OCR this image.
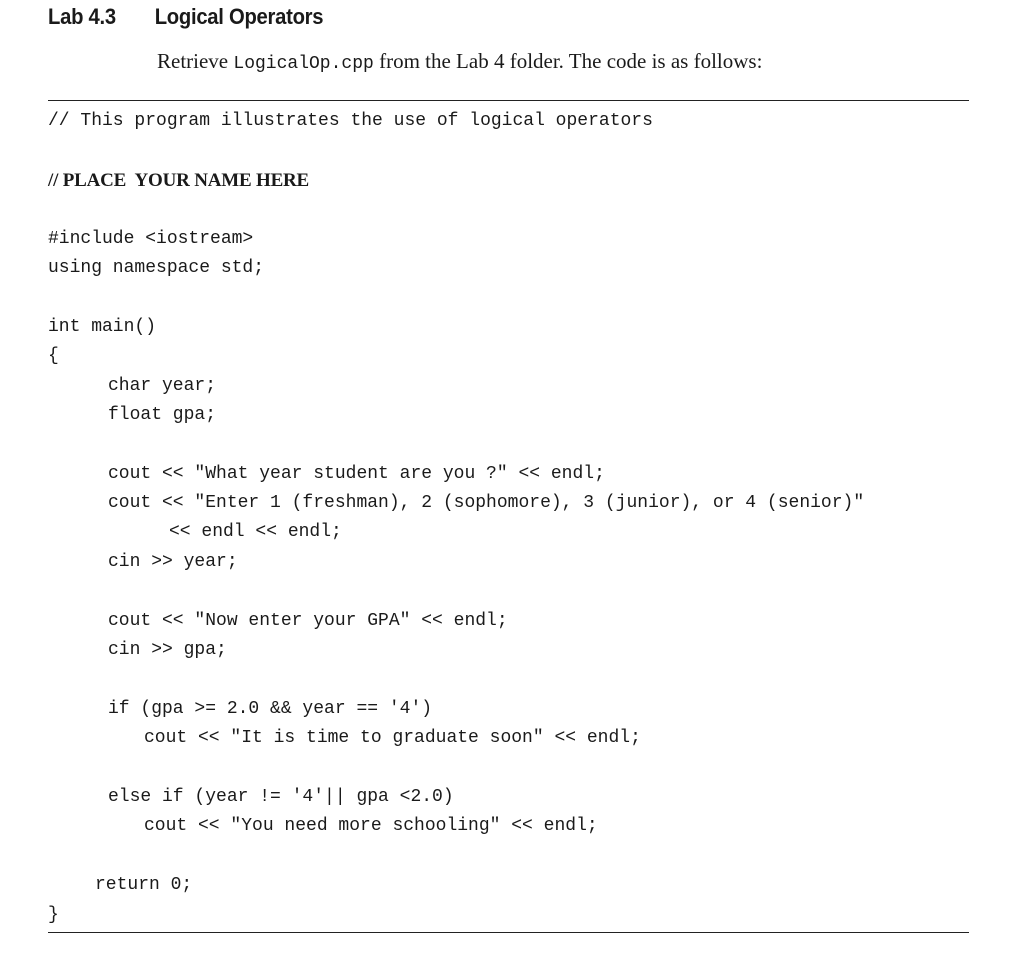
Lab 4.3 Logical Operators
Retrieve LogicalOp.cpp from the Lab 4 folder. The code is as follows:
// This program illustrates the use of logical operators
// PLACE  YOUR NAME HERE
#include <iostream>
using namespace std;
int main()
{
char year;
float gpa;
cout << "What year student are you ?" << endl;
cout << "Enter 1 (freshman), 2 (sophomore), 3 (junior), or 4 (senior)"
<< endl << endl;
cin >> year;
cout << "Now enter your GPA" << endl;
cin >> gpa;
if (gpa >= 2.0 && year == '4')
cout << "It is time to graduate soon" << endl;
else if (year != '4'|| gpa <2.0)
cout << "You need more schooling" << endl;
return 0;
}
